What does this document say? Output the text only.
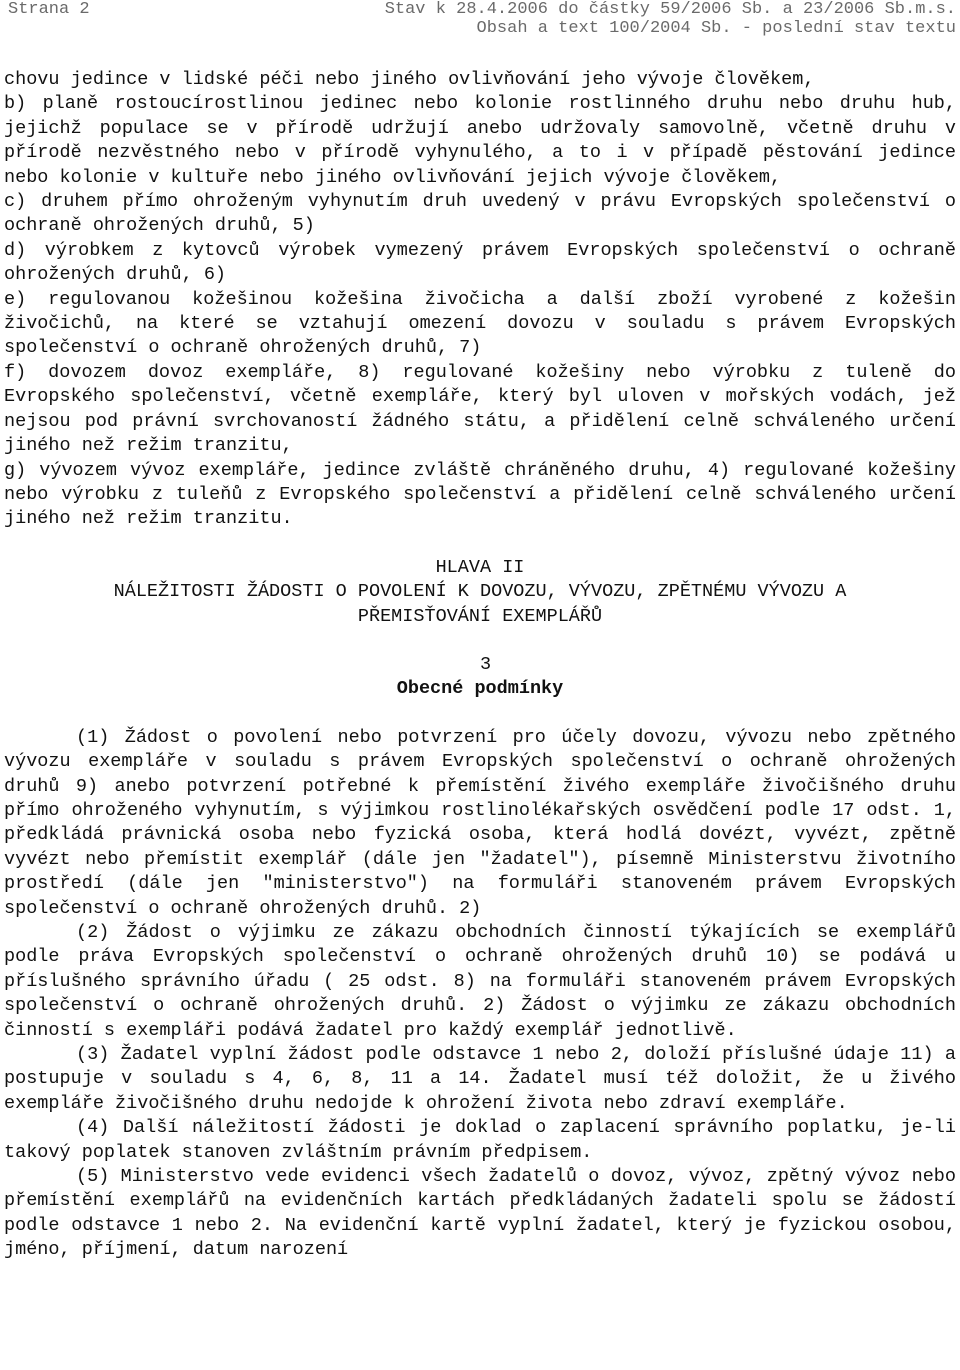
Strana 2	Stav k 28.4.2006 do částky 59/2006 Sb. a 23/2006 Sb.m.s.
Obsah a text 100/2004 Sb. - poslední stav textu

chovu jedince v lidské péči nebo jiného ovlivňování jeho vývoje člověkem,

b) planě rostoucírostlinou jedinec nebo kolonie rostlinného druhu nebo druhu hub, jejichž populace se v přírodě udržují anebo udržovaly samovolně, včetně druhu v přírodě nezvěstného nebo v přírodě vyhynulého, a to i v případě pěstování jedince nebo kolonie v kultuře nebo jiného ovlivňování jejich vývoje člověkem,

c) druhem přímo ohroženým vyhynutím druh uvedený v právu Evropských společenství o ochraně ohrožených druhů, 5)

d) výrobkem z kytovců výrobek vymezený právem Evropských společenství o ochraně ohrožených druhů, 6)

e) regulovanou kožešinou kožešina živočicha a další zboží vyrobené z kožešin živočichů, na které se vztahují omezení dovozu v souladu s právem Evropských společenství o ochraně ohrožených druhů, 7)

f) dovozem dovoz exempláře, 8) regulované kožešiny nebo výrobku z tuleně do Evropského společenství, včetně exempláře, který byl uloven v mořských vodách, jež nejsou pod právní svrchovaností žádného státu, a přidělení celně schváleného určení jiného než režim tranzitu,

g) vývozem vývoz exempláře, jedince zvláště chráněného druhu, 4) regulované kožešiny nebo výrobku z tuleňů z Evropského společenství a přidělení celně schváleného určení jiného než režim tranzitu.

HLAVA II

NÁLEŽITOSTI ŽÁDOSTI O POVOLENÍ K DOVOZU, VÝVOZU, ZPĚTNÉMU VÝVOZU A

PŘEMISŤOVÁNÍ EXEMPLÁŘŮ

3

Obecné podmínky

(1) Žádost o povolení nebo potvrzení pro účely dovozu, vývozu nebo zpětného vývozu exempláře v souladu s právem Evropských společenství o ochraně ohrožených druhů 9) anebo potvrzení potřebné k přemístění živého exempláře živočišného druhu přímo ohroženého vyhynutím, s výjimkou rostlinolékařských osvědčení podle 17 odst. 1, předkládá právnická osoba nebo fyzická osoba, která hodlá dovézt, vyvézt, zpětně vyvézt nebo přemístit exemplář (dále jen "žadatel"), písemně Ministerstvu životního prostředí (dále jen "ministerstvo") na formuláři stanoveném právem Evropských společenství o ochraně ohrožených druhů. 2)

(2) Žádost o výjimku ze zákazu obchodních činností týkajících se exemplářů podle práva Evropských společenství o ochraně ohrožených druhů 10) se podává u příslušného správního úřadu ( 25 odst. 8) na formuláři stanoveném právem Evropských společenství o ochraně ohrožených druhů. 2) Žádost o výjimku ze zákazu obchodních činností s exempláři podává žadatel pro každý exemplář jednotlivě.

(3) Žadatel vyplní žádost podle odstavce 1 nebo 2, doloží příslušné údaje 11) a postupuje v souladu s 4, 6, 8, 11 a 14. Žadatel musí též doložit, že u živého exempláře živočišného druhu nedojde k ohrožení života nebo zdraví exempláře.

(4) Další náležitostí žádosti je doklad o zaplacení správního poplatku, je-li takový poplatek stanoven zvláštním právním předpisem.

(5) Ministerstvo vede evidenci všech žadatelů o dovoz, vývoz, zpětný vývoz nebo přemístění exemplářů na evidenčních kartách předkládaných žadateli spolu se žádostí podle odstavce 1 nebo 2. Na evidenční kartě vyplní žadatel, který je fyzickou osobou, jméno, příjmení, datum narození
